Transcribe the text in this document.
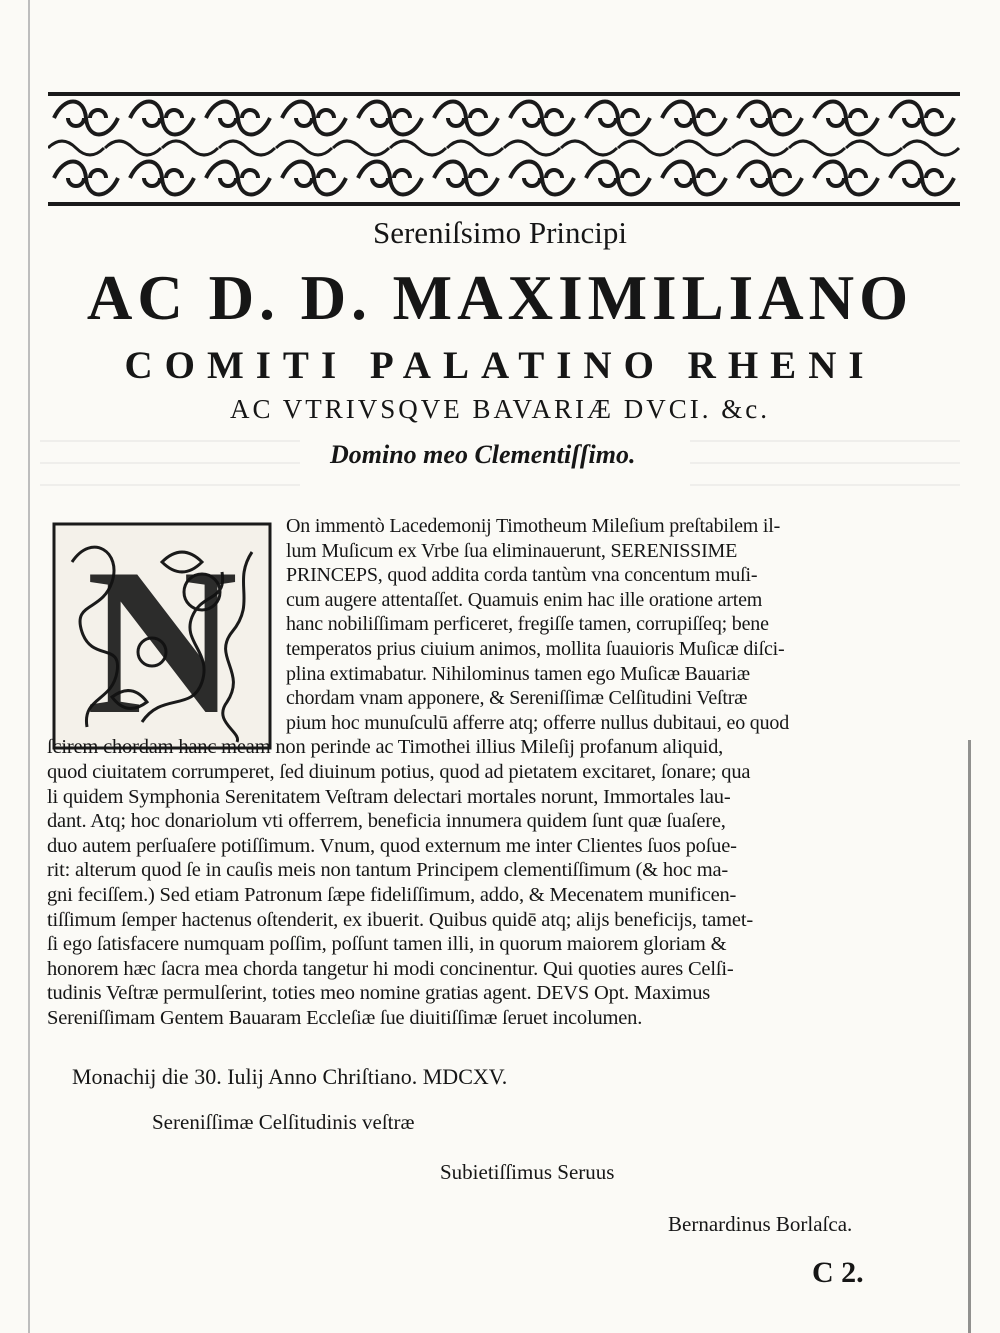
Sereniſsimo Principi
AC D. D. MAXIMILIANO
COMITI PALATINO RHENI
AC VTRIVSQVE BAVARIÆ DVCI. &c.
Domino meo Clementiſſimo.
N On immentò Lacedemonij Timotheum Mileſium preſtabilem il-
lum Muſicum ex Vrbe ſua eliminauerunt, SERENISSIME
PRINCEPS, quod addita corda tantùm vna concentum muſi-
cum augere attentaſſet. Quamuis enim hac ille oratione artem
hanc nobiliſſimam perficeret, fregiſſe tamen, corrupiſſeq; bene
temperatos prius ciuium animos, mollita ſuauioris Muſicæ diſci-
plina extimabatur. Nihilominus tamen ego Muſicæ Bauariæ
chordam vnam apponere, & Sereniſſimæ Celſitudini Veſtræ
pium hoc munuſculū afferre atq; offerre nullus dubitaui, eo quod
ſcirem chordam hanc meam non perinde ac Timothei illius Mileſij profanum aliquid,
quod ciuitatem corrumperet, ſed diuinum potius, quod ad pietatem excitaret, ſonare; qua
li quidem Symphonia Serenitatem Veſtram delectari mortales norunt, Immortales lau-
dant. Atq; hoc donariolum vti offerrem, beneficia innumera quidem ſunt quæ ſuaſere,
duo autem perſuaſere potiſſimum. Vnum, quod externum me inter Clientes ſuos poſue-
rit: alterum quod ſe in cauſis meis non tantum Principem clementiſſimum (& hoc ma-
gni feciſſem.) Sed etiam Patronum ſæpe fideliſſimum, addo, & Mecenatem munificen-
tiſſimum ſemper hactenus oſtenderit, ex ibuerit. Quibus quidē atq; alijs beneficijs, tamet-
ſi ego ſatisfacere numquam poſſim, poſſunt tamen illi, in quorum maiorem gloriam &
honorem hæc ſacra mea chorda tangetur hi modi concinentur. Qui quoties aures Celſi-
tudinis Veſtræ permulſerint, toties meo nomine gratias agent. DEVS Opt. Maximus
Sereniſſimam Gentem Bauaram Eccleſiæ ſue diuitiſſimæ ſeruet incolumen.
Monachij die 30. Iulij Anno Chriſtiano. MDCXV.
Sereniſſimæ Celſitudinis veſtræ
Subietiſſimus Seruus
Bernardinus Borlaſca.
C 2.
